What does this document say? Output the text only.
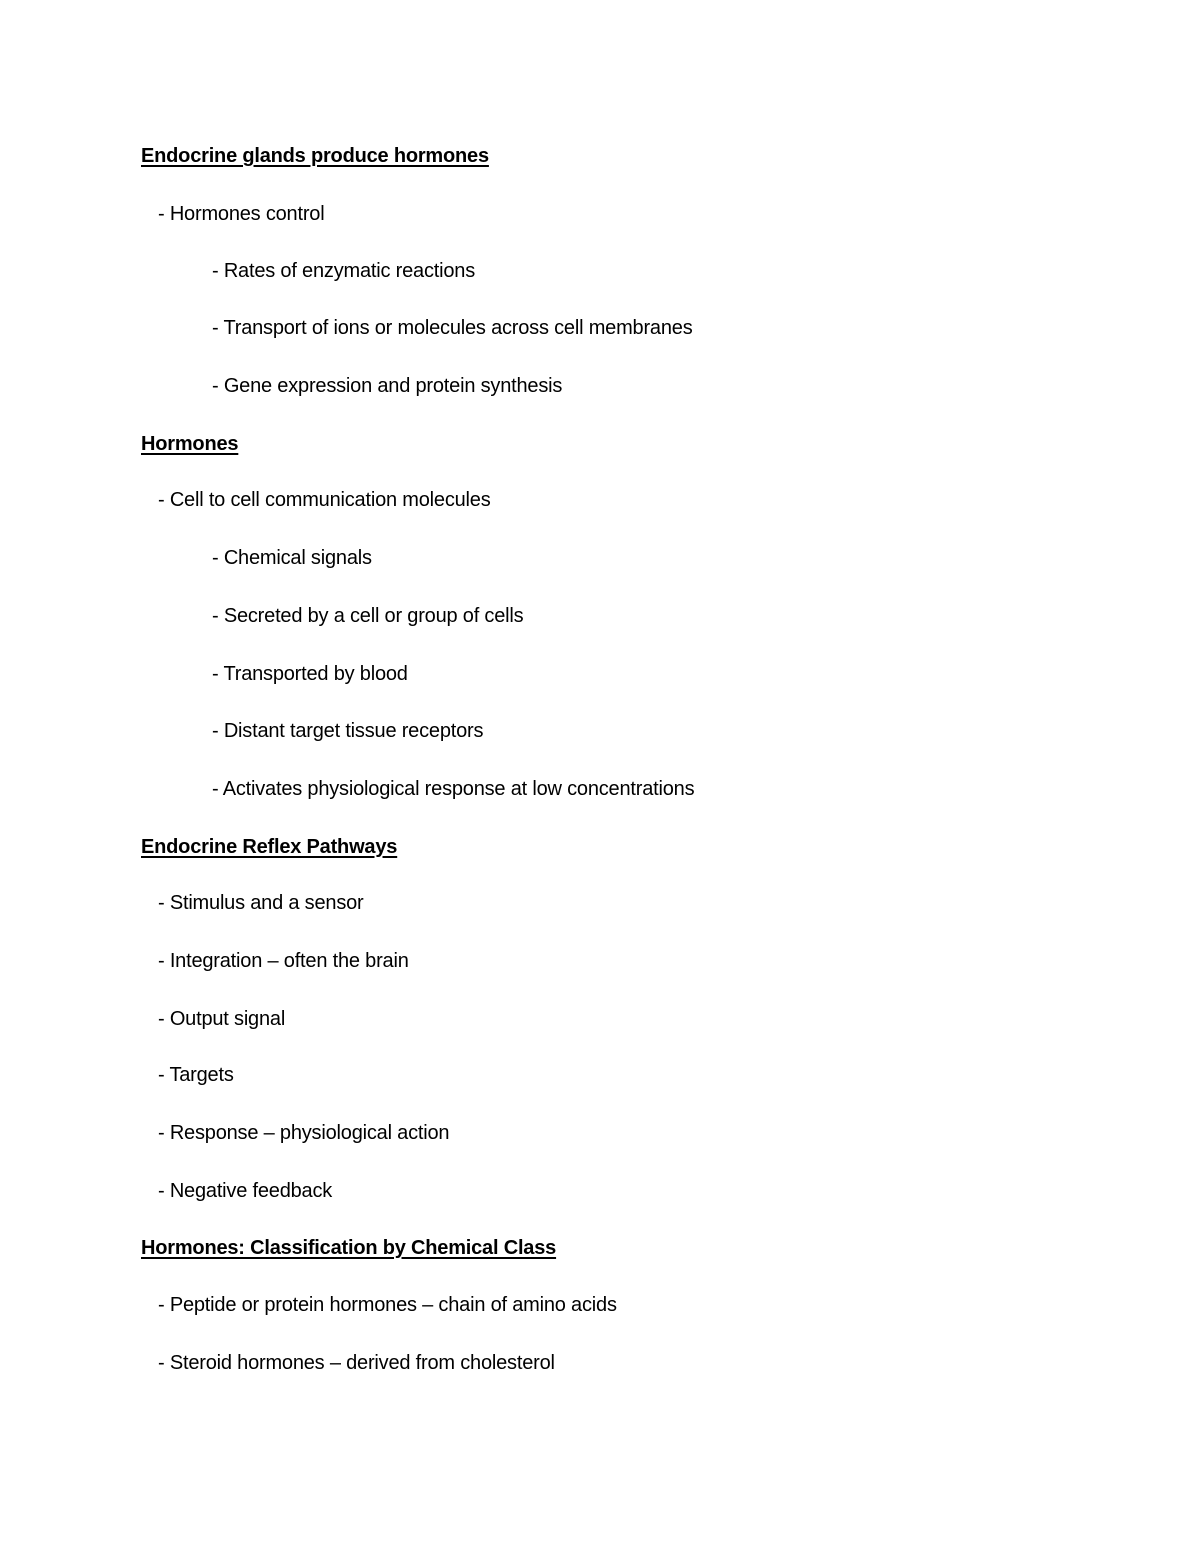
Endocrine glands produce hormones
- Hormones control
- Rates of enzymatic reactions
- Transport of ions or molecules across cell membranes
- Gene expression and protein synthesis
Hormones
- Cell to cell communication molecules
- Chemical signals
- Secreted by a cell or group of cells
- Transported by blood
- Distant target tissue receptors
- Activates physiological response at low concentrations
Endocrine Reflex Pathways
- Stimulus and a sensor
- Integration – often the brain
- Output signal
- Targets
- Response – physiological action
- Negative feedback
Hormones: Classification by Chemical Class
- Peptide or protein hormones – chain of amino acids
- Steroid hormones – derived from cholesterol
